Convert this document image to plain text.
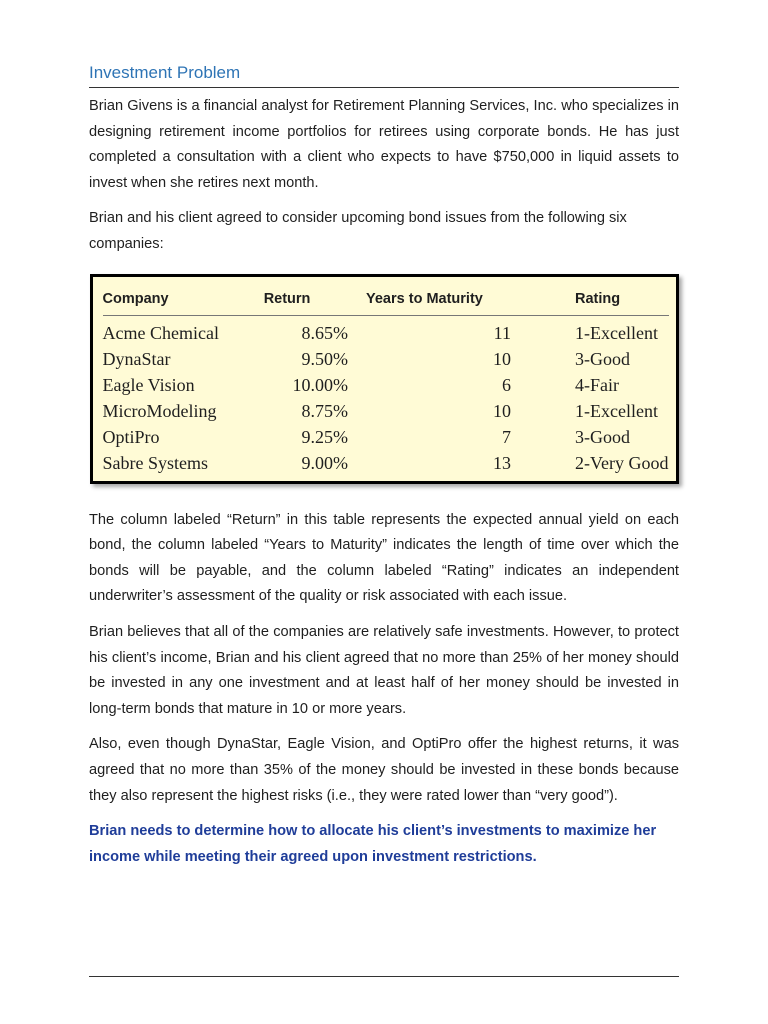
Investment Problem

Brian Givens is a financial analyst for Retirement Planning Services, Inc. who specializes in designing retirement income portfolios for retirees using corporate bonds. He has just completed a consultation with a client who expects to have $750,000 in liquid assets to invest when she retires next month.

Brian and his client agreed to consider upcoming bond issues from the following six companies:

Company	Return	Years to Maturity	Rating
Acme Chemical	8.65%	11	1-Excellent
DynaStar	9.50%	10	3-Good
Eagle Vision	10.00%	6	4-Fair
MicroModeling	8.75%	10	1-Excellent
OptiPro	9.25%	7	3-Good
Sabre Systems	9.00%	13	2-Very Good

The column labeled “Return” in this table represents the expected annual yield on each bond, the column labeled “Years to Maturity” indicates the length of time over which the bonds will be payable, and the column labeled “Rating” indicates an independent underwriter’s assessment of the quality or risk associated with each issue.

Brian believes that all of the companies are relatively safe investments. However, to protect his client’s income, Brian and his client agreed that no more than 25% of her money should be invested in any one investment and at least half of her money should be invested in long-term bonds that mature in 10 or more years.

Also, even though DynaStar, Eagle Vision, and OptiPro offer the highest returns, it was agreed that no more than 35% of the money should be invested in these bonds because they also represent the highest risks (i.e., they were rated lower than “very good”).

Brian needs to determine how to allocate his client’s investments to maximize her income while meeting their agreed upon investment restrictions.
